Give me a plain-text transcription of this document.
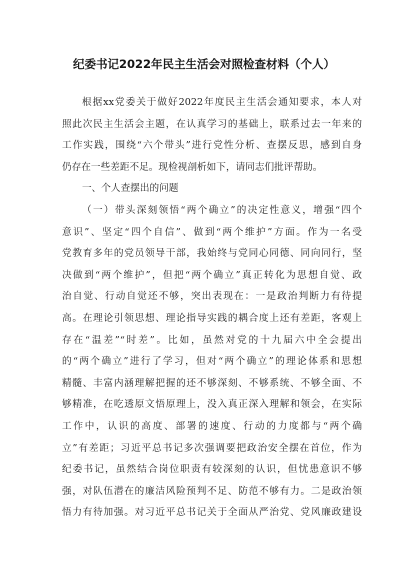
纪委书记2022年民主生活会对照检查材料（个人）
根据xx党委关于做好2022年度民主生活会通知要求，本人对
照此次民主生活会主题，在认真学习的基础上，联系过去一年来的
工作实践，围绕“六个带头”进行党性分析、查摆反思，感到自身
仍存在一些差距不足。现检视剖析如下，请同志们批评帮助。
一、个人查摆出的问题
（一）带头深刻领悟“两个确立”的决定性意义，增强“四个
意识”、坚定“四个自信”、做到“两个维护”方面。作为一名受
党教育多年的党员领导干部，我始终与党同心同德、同向同行，坚
决做到“两个维护”，但把“两个确立”真正转化为思想自觉、政
治自觉、行动自觉还不够，突出表现在：一是政治判断力有待提
高。在理论引领思想、理论指导实践的耦合度上还有差距，客观上
存在“温差”“时差”。比如，虽然对党的十九届六中全会提出
的“两个确立”进行了学习，但对“两个确立”的理论体系和思想
精髓、丰富内涵理解把握的还不够深刻、不够系统、不够全面、不
够精准，在吃透原文悟原理上，没入真正深入理解和领会，在实际
工作中，认识的高度、部署的速度、行动的力度都与“两个确
立”有差距；习近平总书记多次强调要把政治安全摆在首位，作为
纪委书记，虽然结合岗位职责有较深刻的认识，但忧患意识不够
强，对队伍潜在的廉洁风险预判不足、防范不够有力。二是政治领
悟力有待加强。对习近平总书记关于全面从严治党、党风廉政建设
